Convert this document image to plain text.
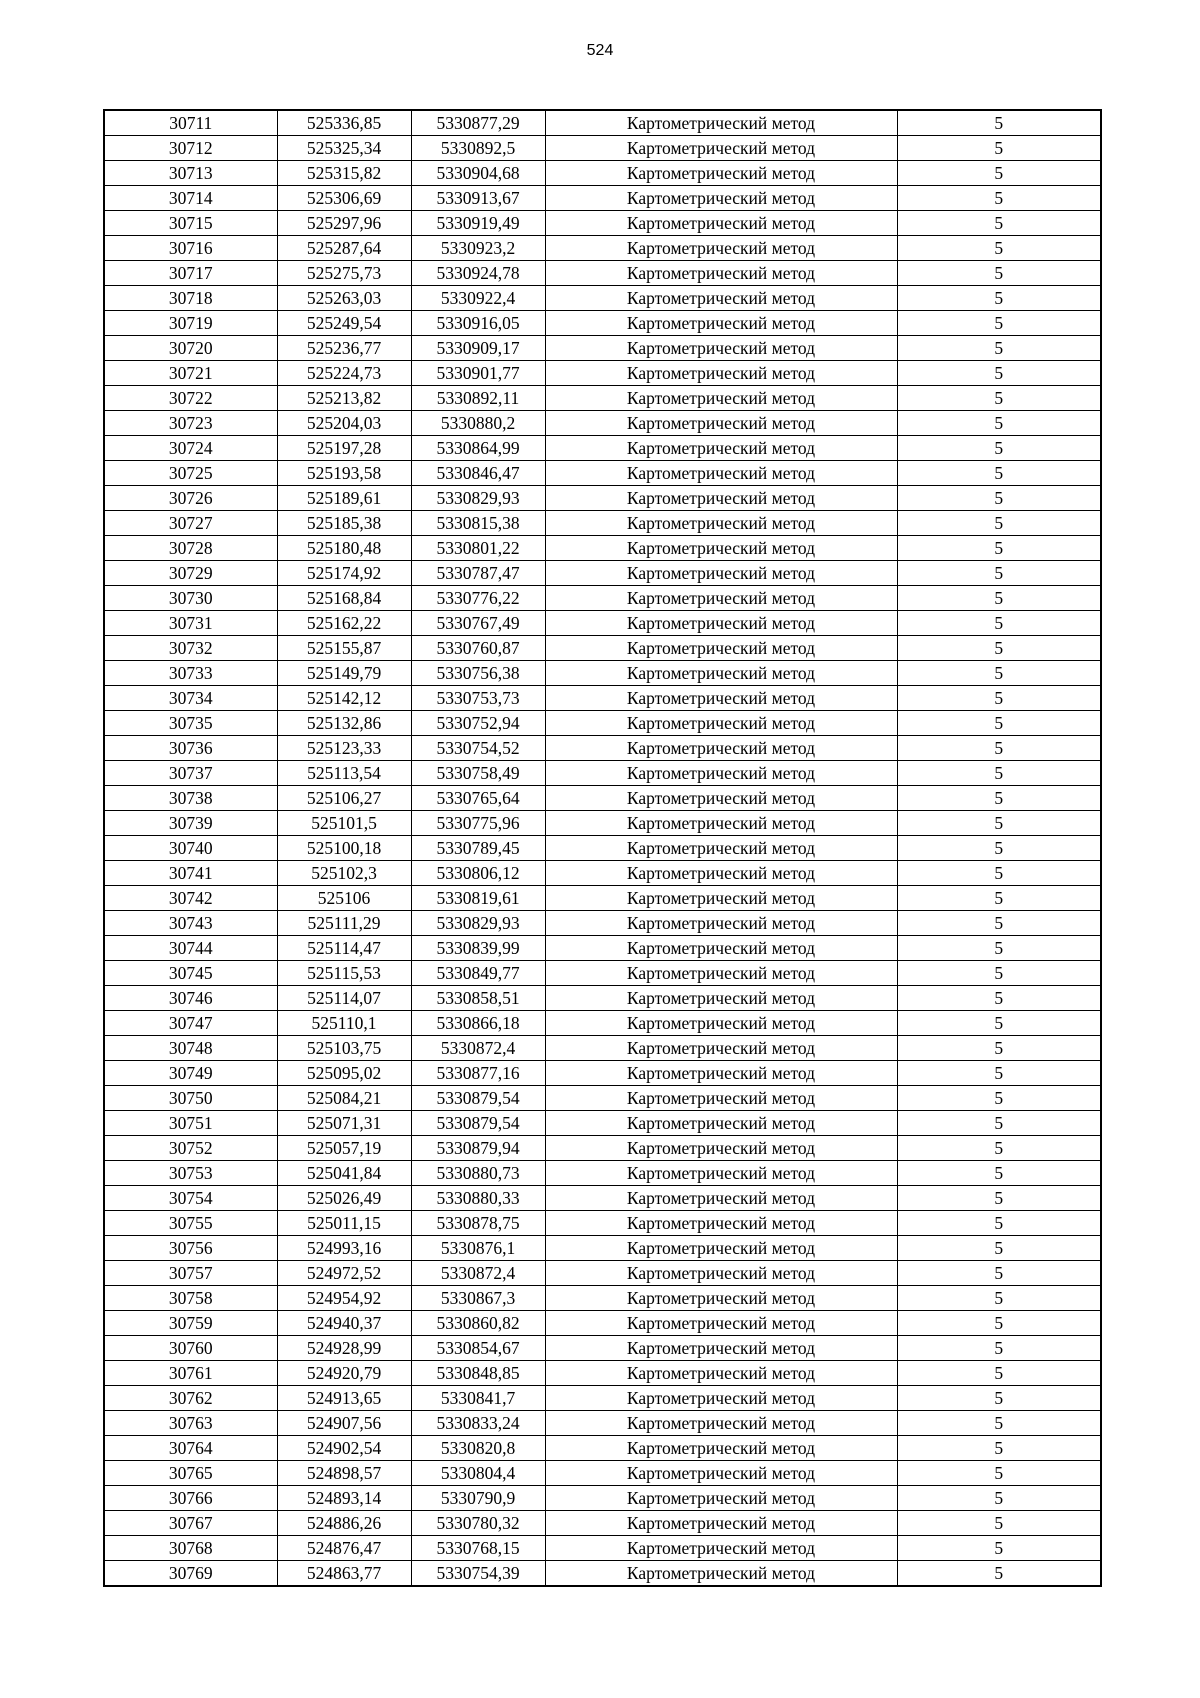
524
30711	525336,85	5330877,29	Картометрический метод	5
30712	525325,34	5330892,5	Картометрический метод	5
30713	525315,82	5330904,68	Картометрический метод	5
30714	525306,69	5330913,67	Картометрический метод	5
30715	525297,96	5330919,49	Картометрический метод	5
30716	525287,64	5330923,2	Картометрический метод	5
30717	525275,73	5330924,78	Картометрический метод	5
30718	525263,03	5330922,4	Картометрический метод	5
30719	525249,54	5330916,05	Картометрический метод	5
30720	525236,77	5330909,17	Картометрический метод	5
30721	525224,73	5330901,77	Картометрический метод	5
30722	525213,82	5330892,11	Картометрический метод	5
30723	525204,03	5330880,2	Картометрический метод	5
30724	525197,28	5330864,99	Картометрический метод	5
30725	525193,58	5330846,47	Картометрический метод	5
30726	525189,61	5330829,93	Картометрический метод	5
30727	525185,38	5330815,38	Картометрический метод	5
30728	525180,48	5330801,22	Картометрический метод	5
30729	525174,92	5330787,47	Картометрический метод	5
30730	525168,84	5330776,22	Картометрический метод	5
30731	525162,22	5330767,49	Картометрический метод	5
30732	525155,87	5330760,87	Картометрический метод	5
30733	525149,79	5330756,38	Картометрический метод	5
30734	525142,12	5330753,73	Картометрический метод	5
30735	525132,86	5330752,94	Картометрический метод	5
30736	525123,33	5330754,52	Картометрический метод	5
30737	525113,54	5330758,49	Картометрический метод	5
30738	525106,27	5330765,64	Картометрический метод	5
30739	525101,5	5330775,96	Картометрический метод	5
30740	525100,18	5330789,45	Картометрический метод	5
30741	525102,3	5330806,12	Картометрический метод	5
30742	525106	5330819,61	Картометрический метод	5
30743	525111,29	5330829,93	Картометрический метод	5
30744	525114,47	5330839,99	Картометрический метод	5
30745	525115,53	5330849,77	Картометрический метод	5
30746	525114,07	5330858,51	Картометрический метод	5
30747	525110,1	5330866,18	Картометрический метод	5
30748	525103,75	5330872,4	Картометрический метод	5
30749	525095,02	5330877,16	Картометрический метод	5
30750	525084,21	5330879,54	Картометрический метод	5
30751	525071,31	5330879,54	Картометрический метод	5
30752	525057,19	5330879,94	Картометрический метод	5
30753	525041,84	5330880,73	Картометрический метод	5
30754	525026,49	5330880,33	Картометрический метод	5
30755	525011,15	5330878,75	Картометрический метод	5
30756	524993,16	5330876,1	Картометрический метод	5
30757	524972,52	5330872,4	Картометрический метод	5
30758	524954,92	5330867,3	Картометрический метод	5
30759	524940,37	5330860,82	Картометрический метод	5
30760	524928,99	5330854,67	Картометрический метод	5
30761	524920,79	5330848,85	Картометрический метод	5
30762	524913,65	5330841,7	Картометрический метод	5
30763	524907,56	5330833,24	Картометрический метод	5
30764	524902,54	5330820,8	Картометрический метод	5
30765	524898,57	5330804,4	Картометрический метод	5
30766	524893,14	5330790,9	Картометрический метод	5
30767	524886,26	5330780,32	Картометрический метод	5
30768	524876,47	5330768,15	Картометрический метод	5
30769	524863,77	5330754,39	Картометрический метод	5
